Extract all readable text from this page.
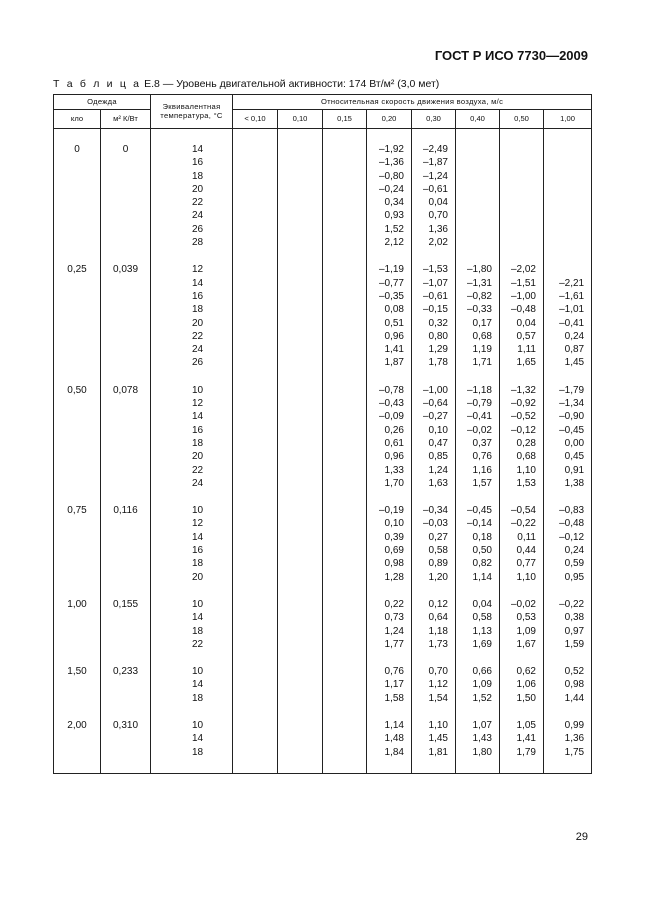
ГОСТ Р ИСО 7730—2009
Т а б л и ц а Е.8 — Уровень двигательной активности: 174 Вт/м² (3,0 мет)
Одежда		Эквивалентная температура, °С	Относительная скорость движения воздуха, м/с							
кло	м² К/Вт		< 0,10	0,10	0,15	0,20	0,30	0,40	0,50	1,00

0	0	14				–1,92	–2,49			
		16				–1,36	–1,87			
		18				–0,80	–1,24			
		20				–0,24	–0,61			
		22				0,34	0,04			
		24				0,93	0,70			
		26				1,52	1,36			
		28				2,12	2,02			

0,25	0,039	12				–1,19	–1,53	–1,80	–2,02	
		14				–0,77	–1,07	–1,31	–1,51	–2,21
		16				–0,35	–0,61	–0,82	–1,00	–1,61
		18				0,08	–0,15	–0,33	–0,48	–1,01
		20				0,51	0,32	0,17	0,04	–0,41
		22				0,96	0,80	0,68	0,57	0,24
		24				1,41	1,29	1,19	1,11	0,87
		26				1,87	1,78	1,71	1,65	1,45

0,50	0,078	10				–0,78	–1,00	–1,18	–1,32	–1,79
		12				–0,43	–0,64	–0,79	–0,92	–1,34
		14				–0,09	–0,27	–0,41	–0,52	–0,90
		16				0,26	0,10	–0,02	–0,12	–0,45
		18				0,61	0,47	0,37	0,28	0,00
		20				0,96	0,85	0,76	0,68	0,45
		22				1,33	1,24	1,16	1,10	0,91
		24				1,70	1,63	1,57	1,53	1,38

0,75	0,116	10				–0,19	–0,34	–0,45	–0,54	–0,83
		12				0,10	–0,03	–0,14	–0,22	–0,48
		14				0,39	0,27	0,18	0,11	–0,12
		16				0,69	0,58	0,50	0,44	0,24
		18				0,98	0,89	0,82	0,77	0,59
		20				1,28	1,20	1,14	1,10	0,95

1,00	0,155	10				0,22	0,12	0,04	–0,02	–0,22
		14				0,73	0,64	0,58	0,53	0,38
		18				1,24	1,18	1,13	1,09	0,97
		22				1,77	1,73	1,69	1,67	1,59

1,50	0,233	10				0,76	0,70	0,66	0,62	0,52
		14				1,17	1,12	1,09	1,06	0,98
		18				1,58	1,54	1,52	1,50	1,44

2,00	0,310	10				1,14	1,10	1,07	1,05	0,99
		14				1,48	1,45	1,43	1,41	1,36
		18				1,84	1,81	1,80	1,79	1,75

29
